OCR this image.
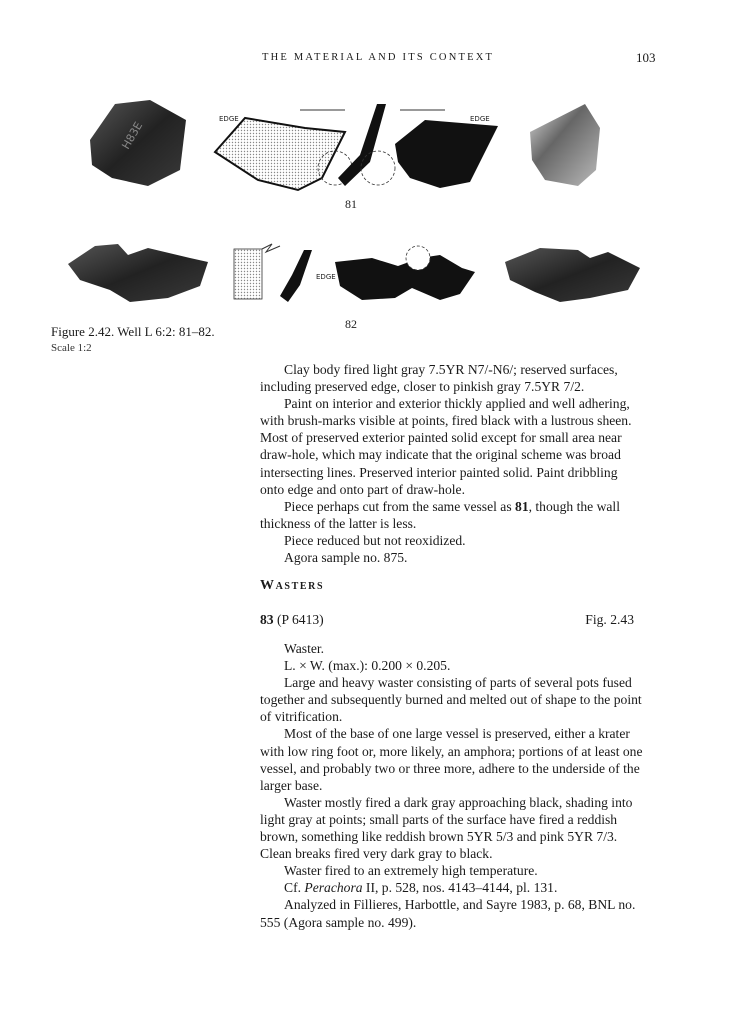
THE MATERIAL AND ITS CONTEXT	103
H83E
EDGE	EDGE
81
EDGE
82
Figure 2.42. Well L 6:2: 81–82.
Scale 1:2

Clay body fired light gray 7.5YR N7/-N6/; reserved surfaces, including preserved edge, closer to pinkish gray 7.5YR 7/2.

Paint on interior and exterior thickly applied and well adhering, with brush-marks visible at points, fired black with a lustrous sheen. Most of preserved exterior painted solid except for small area near draw-hole, which may indicate that the original scheme was broad intersecting lines. Preserved interior painted solid. Paint dribbling onto edge and onto part of draw-hole.

Piece perhaps cut from the same vessel as 81, though the wall thickness of the latter is less.

Piece reduced but not reoxidized.

Agora sample no. 875.

Wasters
83 (P 6413)	Fig. 2.43

Waster.

L. × W. (max.): 0.200 × 0.205.

Large and heavy waster consisting of parts of several pots fused together and subsequently burned and melted out of shape to the point of vitrification.

Most of the base of one large vessel is preserved, either a krater with low ring foot or, more likely, an amphora; portions of at least one vessel, and probably two or three more, adhere to the underside of the larger base.

Waster mostly fired a dark gray approaching black, shading into light gray at points; small parts of the surface have fired a reddish brown, something like reddish brown 5YR 5/3 and pink 5YR 7/3. Clean breaks fired very dark gray to black.

Waster fired to an extremely high temperature.

Cf. Perachora II, p. 528, nos. 4143–4144, pl. 131.

Analyzed in Fillieres, Harbottle, and Sayre 1983, p. 68, BNL no. 555 (Agora sample no. 499).
